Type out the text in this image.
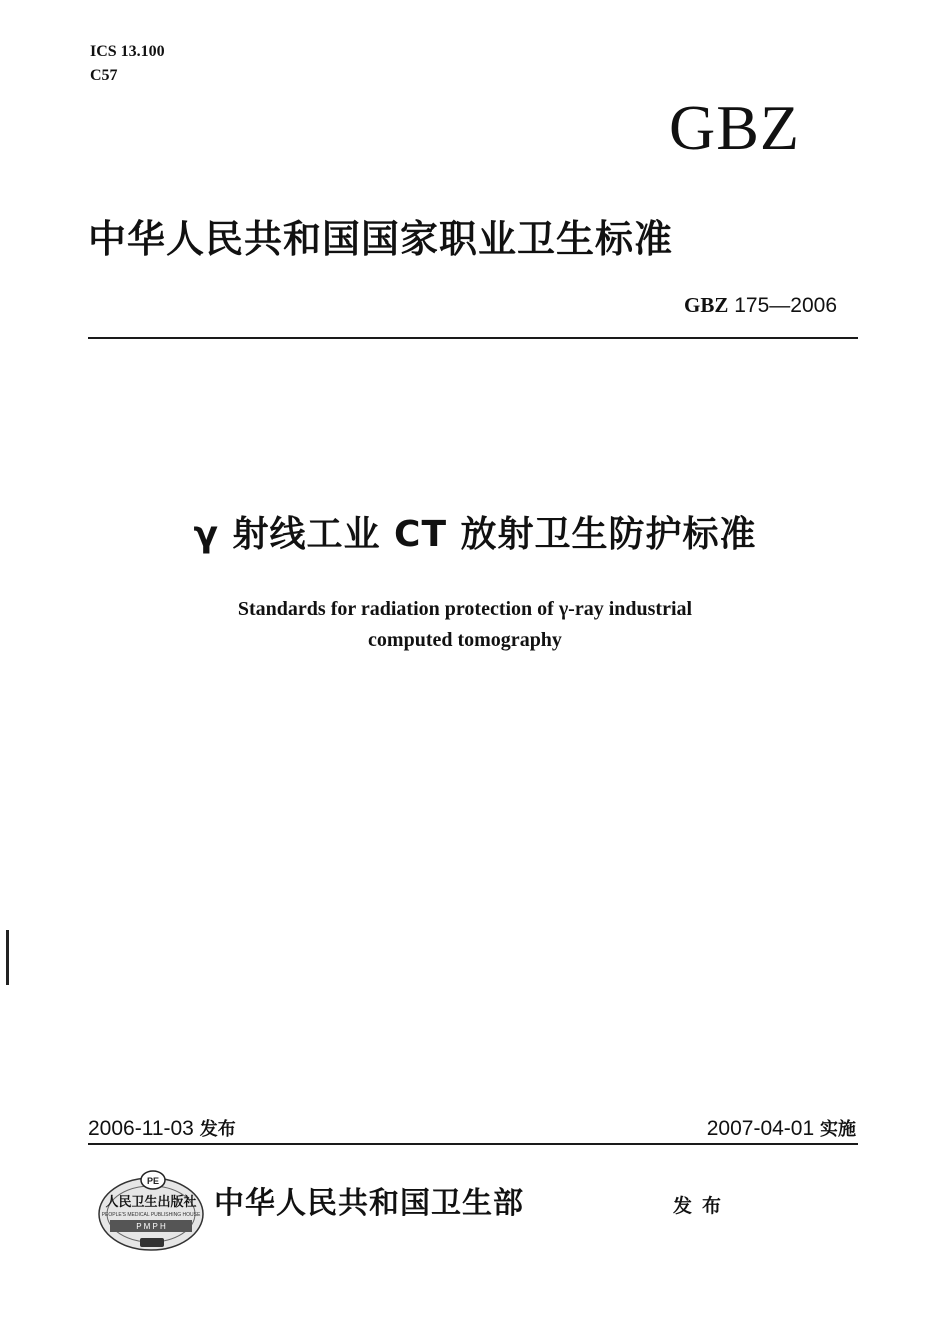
ICS 13.100
C57
GBZ
中华人民共和国国家职业卫生标准
GBZ 175—2006
γ 射线工业 CT 放射卫生防护标准
Standards for radiation protection of γ-ray industrial
computed tomography
2006-11-03 发布	2007-04-01 实施
PE
人民卫生出版社
PEOPLE'S MEDICAL PUBLISHING HOUSE
P M P H
中华人民共和国卫生部	发布
